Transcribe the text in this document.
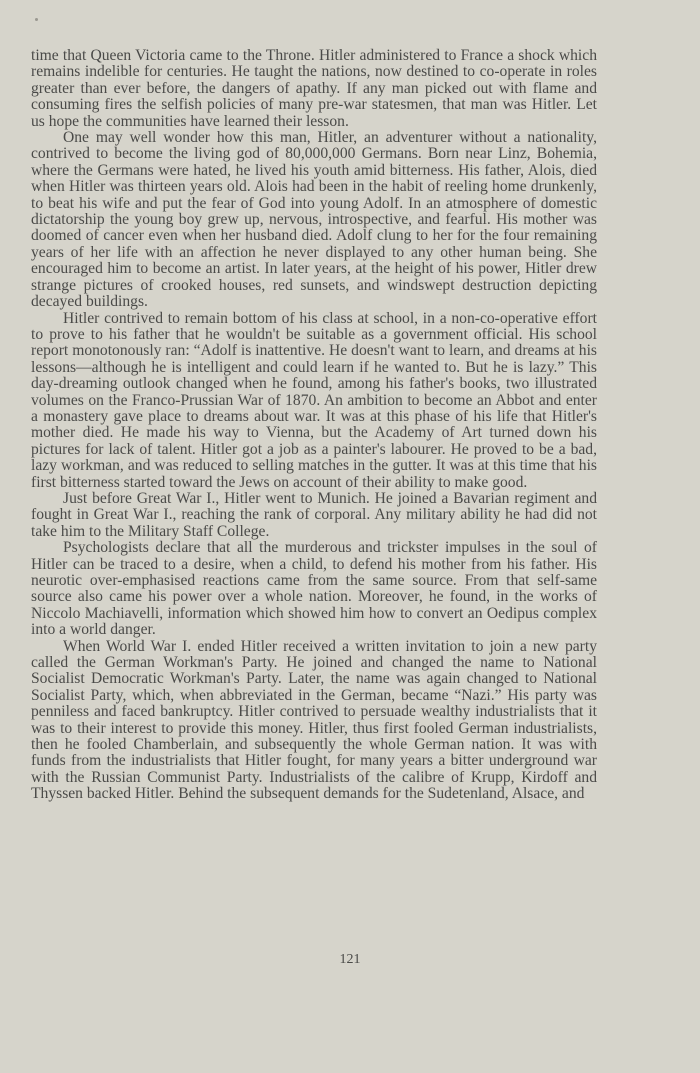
time that Queen Victoria came to the Throne. Hitler administered to France a shock which remains indelible for centuries. He taught the nations, now destined to co-operate in roles greater than ever before, the dangers of apathy. If any man picked out with flame and consuming fires the selfish policies of many pre-war statesmen, that man was Hitler. Let us hope the communities have learned their lesson.

One may well wonder how this man, Hitler, an adventurer without a nationality, contrived to become the living god of 80,000,000 Germans. Born near Linz, Bohemia, where the Germans were hated, he lived his youth amid bitterness. His father, Alois, died when Hitler was thirteen years old. Alois had been in the habit of reeling home drunkenly, to beat his wife and put the fear of God into young Adolf. In an atmosphere of domestic dictatorship the young boy grew up, nervous, introspective, and fearful. His mother was doomed of cancer even when her husband died. Adolf clung to her for the four remaining years of her life with an affection he never displayed to any other human being. She encouraged him to become an artist. In later years, at the height of his power, Hitler drew strange pictures of crooked houses, red sunsets, and windswept destruction depicting decayed buildings.

Hitler contrived to remain bottom of his class at school, in a non-co-operative effort to prove to his father that he wouldn't be suitable as a government official. His school report monotonously ran: “Adolf is inattentive. He doesn't want to learn, and dreams at his lessons—although he is intelligent and could learn if he wanted to. But he is lazy.” This day-dreaming outlook changed when he found, among his father's books, two illustrated volumes on the Franco-Prussian War of 1870. An ambition to become an Abbot and enter a monastery gave place to dreams about war. It was at this phase of his life that Hitler's mother died. He made his way to Vienna, but the Academy of Art turned down his pictures for lack of talent. Hitler got a job as a painter's labourer. He proved to be a bad, lazy workman, and was reduced to selling matches in the gutter. It was at this time that his first bitterness started toward the Jews on account of their ability to make good.

Just before Great War I., Hitler went to Munich. He joined a Bavarian regiment and fought in Great War I., reaching the rank of corporal. Any military ability he had did not take him to the Military Staff College.

Psychologists declare that all the murderous and trickster impulses in the soul of Hitler can be traced to a desire, when a child, to defend his mother from his father. His neurotic over-emphasised reactions came from the same source. From that self-same source also came his power over a whole nation. Moreover, he found, in the works of Niccolo Machiavelli, information which showed him how to convert an Oedipus complex into a world danger.

When World War I. ended Hitler received a written invitation to join a new party called the German Workman's Party. He joined and changed the name to National Socialist Democratic Workman's Party. Later, the name was again changed to National Socialist Party, which, when abbreviated in the German, became “Nazi.” His party was penniless and faced bankruptcy. Hitler contrived to persuade wealthy industrialists that it was to their interest to provide this money. Hitler, thus first fooled German industrialists, then he fooled Chamberlain, and subsequently the whole German nation. It was with funds from the industrialists that Hitler fought, for many years a bitter underground war with the Russian Communist Party. Industrialists of the calibre of Krupp, Kirdoff and Thyssen backed Hitler. Behind the subsequent demands for the Sudetenland, Alsace, and

121
